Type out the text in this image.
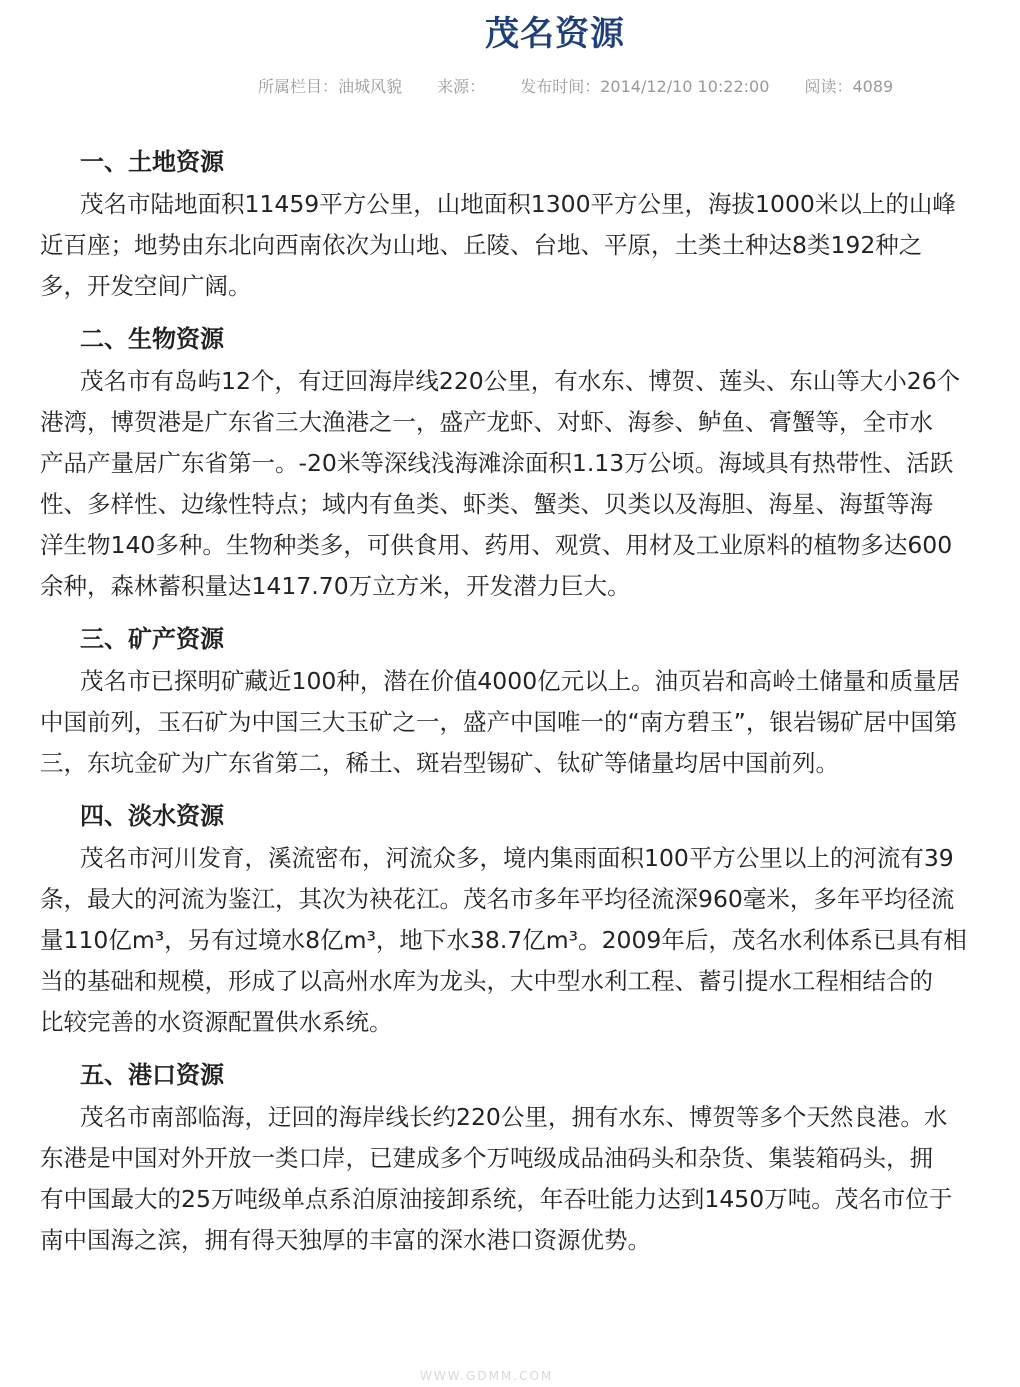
茂名资源
所属栏目：油城风貌 来源： 发布时间：2014/12/10 10:22:00 阅读：4089
一、土地资源

茂名市陆地面积11459平方公里，山地面积1300平方公里，海拔1000米以上的山峰
近百座；地势由东北向西南依次为山地、丘陵、台地、平原，土类土种达8类192种之
多，开发空间广阔。

二、生物资源

茂名市有岛屿12个，有迂回海岸线220公里，有水东、博贺、莲头、东山等大小26个
港湾，博贺港是广东省三大渔港之一，盛产龙虾、对虾、海参、鲈鱼、膏蟹等，全市水
产品产量居广东省第一。-20米等深线浅海滩涂面积1.13万公顷。海域具有热带性、活跃
性、多样性、边缘性特点；域内有鱼类、虾类、蟹类、贝类以及海胆、海星、海蜇等海
洋生物140多种。生物种类多，可供食用、药用、观赏、用材及工业原料的植物多达600
余种，森林蓄积量达1417.70万立方米，开发潜力巨大。

三、矿产资源

茂名市已探明矿藏近100种，潜在价值4000亿元以上。油页岩和高岭土储量和质量居
中国前列，玉石矿为中国三大玉矿之一，盛产中国唯一的“南方碧玉”，银岩锡矿居中国第
三，东坑金矿为广东省第二，稀土、斑岩型锡矿、钛矿等储量均居中国前列。

四、淡水资源

茂名市河川发育，溪流密布，河流众多，境内集雨面积100平方公里以上的河流有39
条，最大的河流为鉴江，其次为袂花江。茂名市多年平均径流深960毫米，多年平均径流
量110亿m³，另有过境水8亿m³，地下水38.7亿m³。2009年后，茂名水利体系已具有相
当的基础和规模，形成了以高州水库为龙头，大中型水利工程、蓄引提水工程相结合的
比较完善的水资源配置供水系统。

五、港口资源

茂名市南部临海，迂回的海岸线长约220公里，拥有水东、博贺等多个天然良港。水
东港是中国对外开放一类口岸，已建成多个万吨级成品油码头和杂货、集装箱码头，拥
有中国最大的25万吨级单点系泊原油接卸系统，年吞吐能力达到1450万吨。茂名市位于
南中国海之滨，拥有得天独厚的丰富的深水港口资源优势。

WWW.GDMM.COM
